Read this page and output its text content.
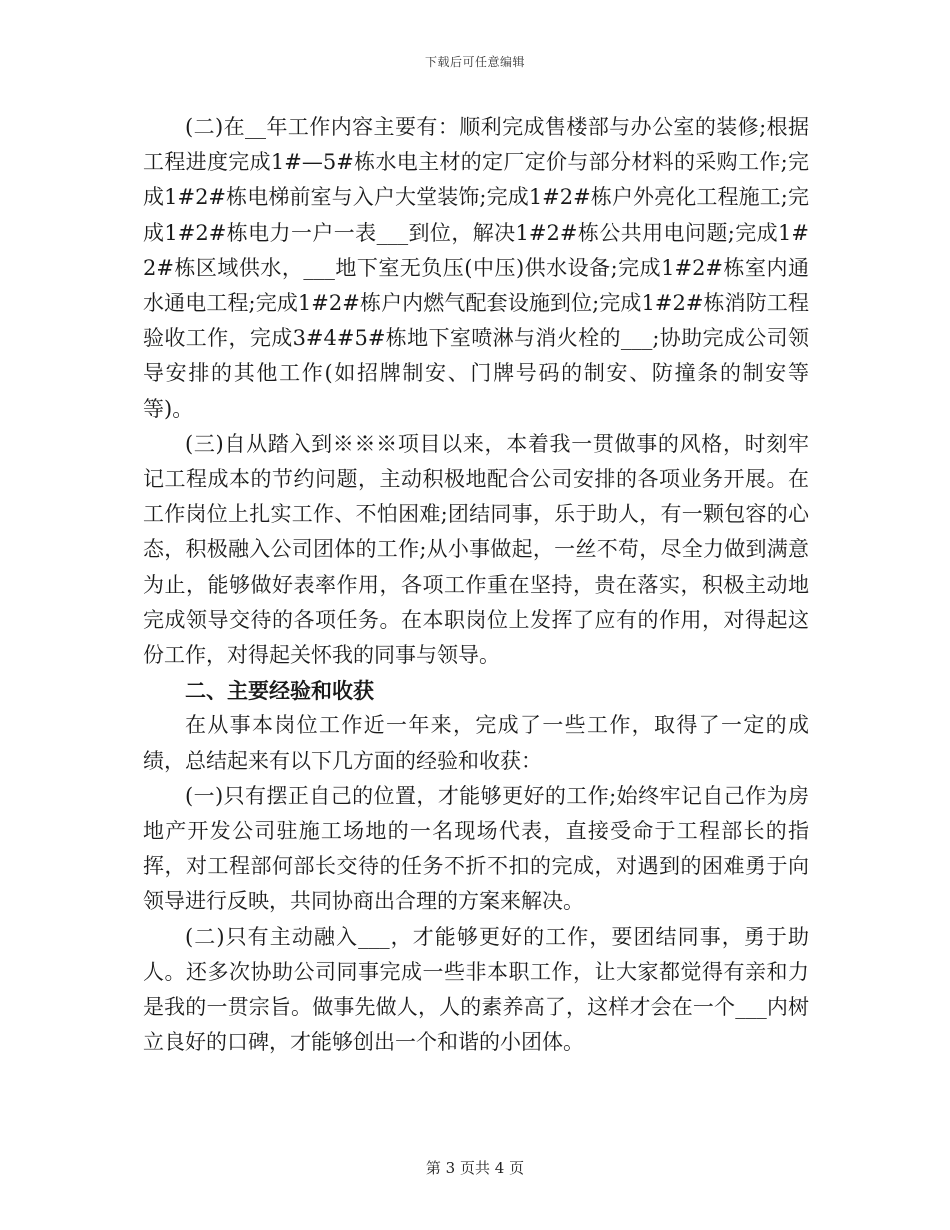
下载后可任意编辑

(二)在__年工作内容主要有：顺利完成售楼部与办公室的装修;根据工程进度完成1#—5#栋水电主材的定厂定价与部分材料的采购工作;完成1#2#栋电梯前室与入户大堂装饰;完成1#2#栋户外亮化工程施工;完成1#2#栋电力一户一表___到位，解决1#2#栋公共用电问题;完成1#2#栋区域供水，___地下室无负压(中压)供水设备;完成1#2#栋室内通水通电工程;完成1#2#栋户内燃气配套设施到位;完成1#2#栋消防工程验收工作，完成3#4#5#栋地下室喷淋与消火栓的___;协助完成公司领导安排的其他工作(如招牌制安、门牌号码的制安、防撞条的制安等等)。

(三)自从踏入到※※※项目以来，本着我一贯做事的风格，时刻牢记工程成本的节约问题，主动积极地配合公司安排的各项业务开展。在工作岗位上扎实工作、不怕困难;团结同事，乐于助人，有一颗包容的心态，积极融入公司团体的工作;从小事做起，一丝不苟，尽全力做到满意为止，能够做好表率作用，各项工作重在坚持，贵在落实，积极主动地完成领导交待的各项任务。在本职岗位上发挥了应有的作用，对得起这份工作，对得起关怀我的同事与领导。

二、主要经验和收获

在从事本岗位工作近一年来，完成了一些工作，取得了一定的成绩，总结起来有以下几方面的经验和收获：

(一)只有摆正自己的位置，才能够更好的工作;始终牢记自己作为房地产开发公司驻施工场地的一名现场代表，直接受命于工程部长的指挥，对工程部何部长交待的任务不折不扣的完成，对遇到的困难勇于向领导进行反映，共同协商出合理的方案来解决。

(二)只有主动融入___，才能够更好的工作，要团结同事，勇于助人。还多次协助公司同事完成一些非本职工作，让大家都觉得有亲和力是我的一贯宗旨。做事先做人，人的素养高了，这样才会在一个___内树立良好的口碑，才能够创出一个和谐的小团体。

第 3 页共 4 页
